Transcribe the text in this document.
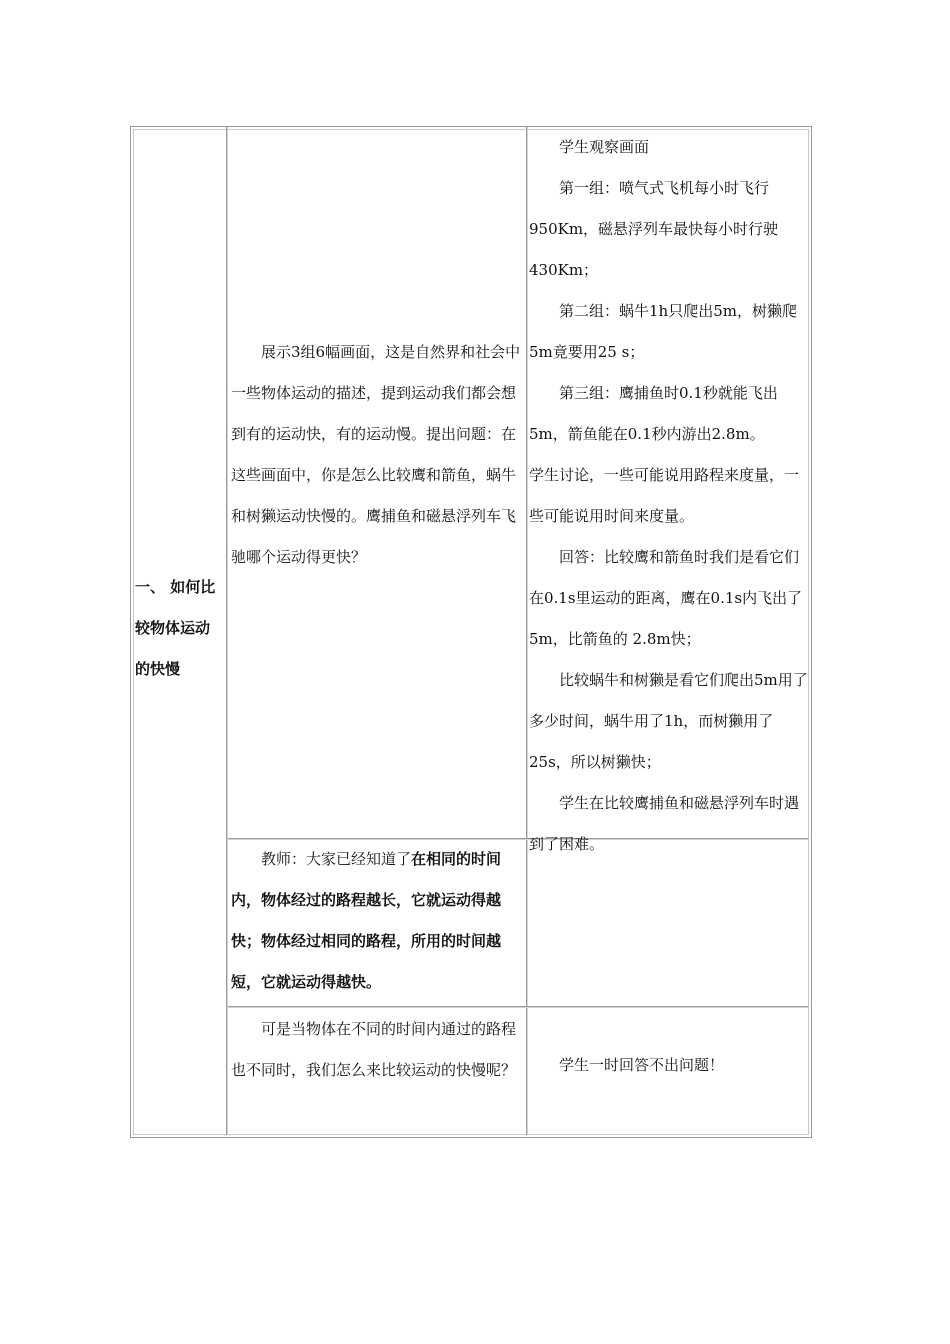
一、 如何比
较物体运动
的快慢

展示3组6幅画面，这是自然界和社会中一些物体运动的描述，提到运动我们都会想到有的运动快，有的运动慢。提出问题：在这些画面中，你是怎么比较鹰和箭鱼，蜗牛和树獭运动快慢的。鹰捕鱼和磁悬浮列车飞驰哪个运动得更快？

教师：大家已经知道了在相同的时间内，物体经过的路程越长，它就运动得越快；物体经过相同的路程，所用的时间越短，它就运动得越快。

可是当物体在不同的时间内通过的路程也不同时，我们怎么来比较运动的快慢呢？

学生观察画面

第一组：喷气式飞机每小时飞行950Km，磁悬浮列车最快每小时行驶430Km；

第二组：蜗牛1h只爬出5m，树獭爬5m竟要用25 s；

第三组：鹰捕鱼时0.1秒就能飞出5m，箭鱼能在0.1秒内游出2.8m。

学生讨论，一些可能说用路程来度量，一些可能说用时间来度量。

回答：比较鹰和箭鱼时我们是看它们在0.1s里运动的距离，鹰在0.1s内飞出了5m，比箭鱼的 2.8m快；

比较蜗牛和树獭是看它们爬出5m用了多少时间，蜗牛用了1h，而树獭用了25s，所以树獭快；

学生在比较鹰捕鱼和磁悬浮列车时遇到了困难。

学生一时回答不出问题！
